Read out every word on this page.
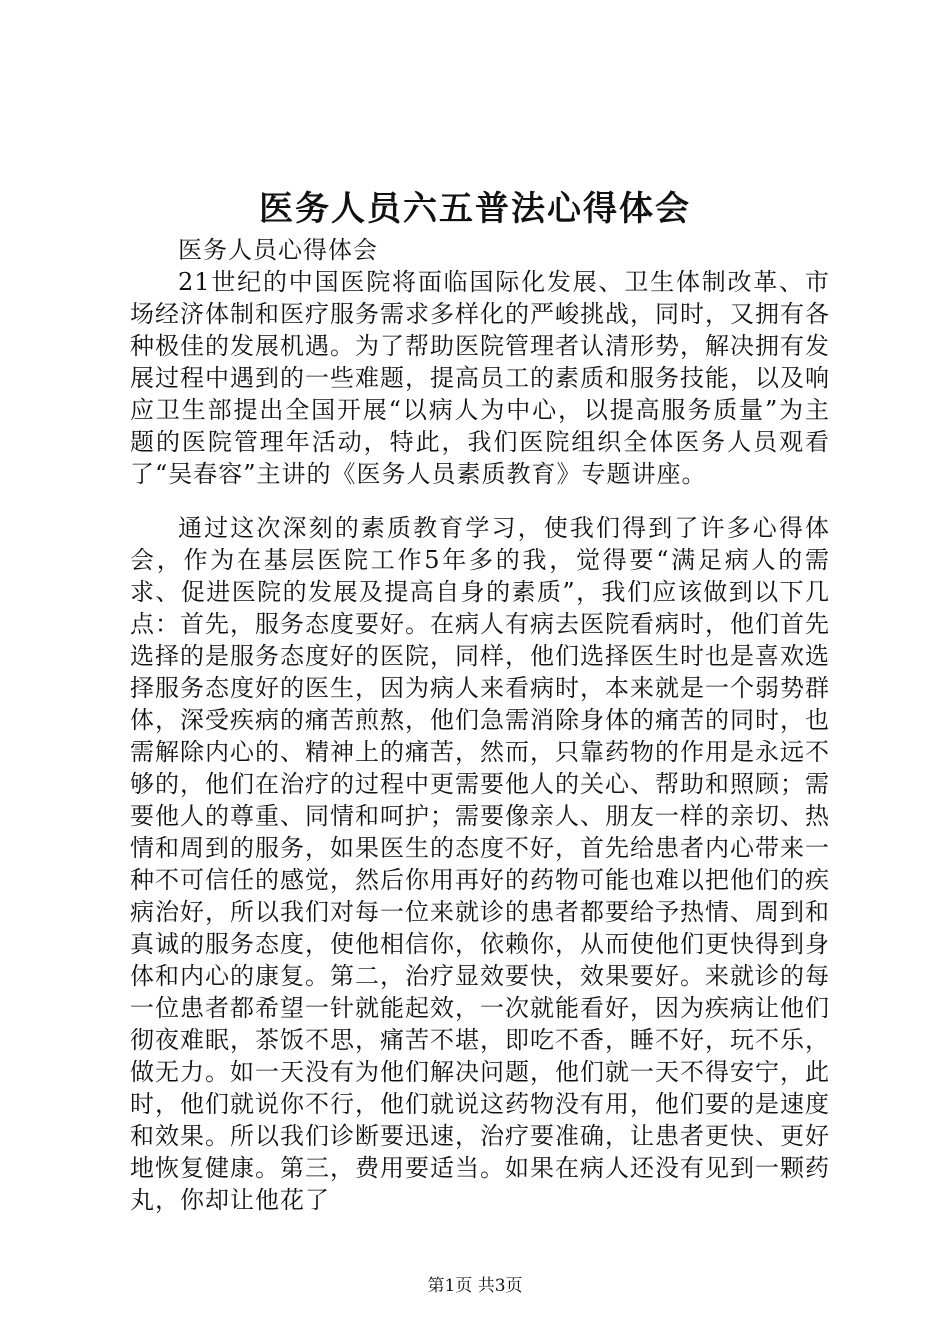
医务人员六五普法心得体会

医务人员心得体会

21世纪的中国医院将面临国际化发展、卫生体制改革、市场经济体制和医疗服务需求多样化的严峻挑战，同时，又拥有各种极佳的发展机遇。为了帮助医院管理者认清形势，解决拥有发展过程中遇到的一些难题，提高员工的素质和服务技能，以及响应卫生部提出全国开展“以病人为中心，以提高服务质量”为主题的医院管理年活动，特此，我们医院组织全体医务人员观看了“吴春容”主讲的《医务人员素质教育》专题讲座。

通过这次深刻的素质教育学习，使我们得到了许多心得体会，作为在基层医院工作5年多的我，觉得要“满足病人的需求、促进医院的发展及提高自身的素质”，我们应该做到以下几点：首先，服务态度要好。在病人有病去医院看病时，他们首先选择的是服务态度好的医院，同样，他们选择医生时也是喜欢选择服务态度好的医生，因为病人来看病时，本来就是一个弱势群体，深受疾病的痛苦煎熬，他们急需消除身体的痛苦的同时，也需解除内心的、精神上的痛苦，然而，只靠药物的作用是永远不够的，他们在治疗的过程中更需要他人的关心、帮助和照顾；需要他人的尊重、同情和呵护；需要像亲人、朋友一样的亲切、热情和周到的服务，如果医生的态度不好，首先给患者内心带来一种不可信任的感觉，然后你用再好的药物可能也难以把他们的疾病治好，所以我们对每一位来就诊的患者都要给予热情、周到和真诚的服务态度，使他相信你，依赖你，从而使他们更快得到身体和内心的康复。第二，治疗显效要快，效果要好。来就诊的每一位患者都希望一针就能起效，一次就能看好，因为疾病让他们彻夜难眠，茶饭不思，痛苦不堪，即吃不香，睡不好，玩不乐，做无力。如一天没有为他们解决问题，他们就一天不得安宁，此时，他们就说你不行，他们就说这药物没有用，他们要的是速度和效果。所以我们诊断要迅速，治疗要准确，让患者更快、更好地恢复健康。第三，费用要适当。如果在病人还没有见到一颗药丸，你却让他花了

第1页 共3页
